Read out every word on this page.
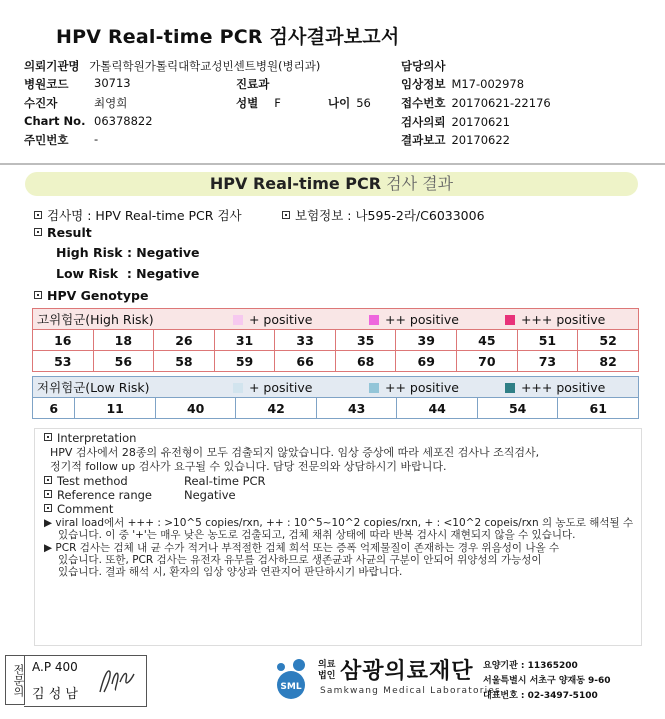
HPV Real-time PCR 검사결과보고서
의뢰기관명 가톨릭학원가톨릭대학교성빈센트병원(병리과)	담당의사
병원코드 30713	진료과	임상정보 M17-002978
수진자	최영희	성별 F	나이 56	접수번호 20170621-22176
Chart No. 06378822	검사의뢰 20170621
주민번호 -	결과보고 20170622
HPV Real-time PCR 검사 결과
검사명 : HPV Real-time PCR 검사	보험정보 : 나595-2라/C6033006
Result
High Risk : Negative
Low Risk  : Negative
HPV Genotype
고위험군(High Risk) + positive ++ positive +++ positive									
16	18	26	31	33	35	39	45	51	52
53	56	58	59	66	68	69	70	73	82
저위험군(Low Risk)	+ positive	++ positive	+++ positive
6	11	40	42	43	44	54	61
Interpretation
HPV 검사에서 28종의 유전형이 모두 검출되지 않았습니다. 임상 증상에 따라 세포진 검사나 조직검사,
정기적 follow up 검사가 요구될 수 있습니다. 담당 전문의와 상담하시기 바랍니다.
Test method	Real-time PCR
Reference range	Negative
Comment
▶ viral load에서 +++ : >10^5 copies/rxn, ++ : 10^5~10^2 copies/rxn, + : <10^2 copeis/rxn 의 농도로 해석될 수
있습니다. 이 중 '+'는 매우 낮은 농도로 검출되고, 검체 채취 상태에 따라 반복 검사시 재현되지 않을 수 있습니다.
▶ PCR 검사는 검체 내 균 수가 적거나 부적절한 검체 희석 또는 증폭 억제물질이 존재하는 경우 위음성이 나올 수
있습니다. 또한, PCR 검사는 유전자 유무를 검사하므로 생존균과 사균의 구분이 안되어 위양성의 가능성이
있습니다. 결과 해석 시, 환자의 임상 양상과 연관지어 판단하시기 바랍니다.
전문의 A.P 400
김 성 남	SML
의료
법인 삼광의료재단
Samkwang Medical Laboratories
요양기관 : 11365200
서울특별시 서초구 양재동 9-60
대표번호 : 02-3497-5100
